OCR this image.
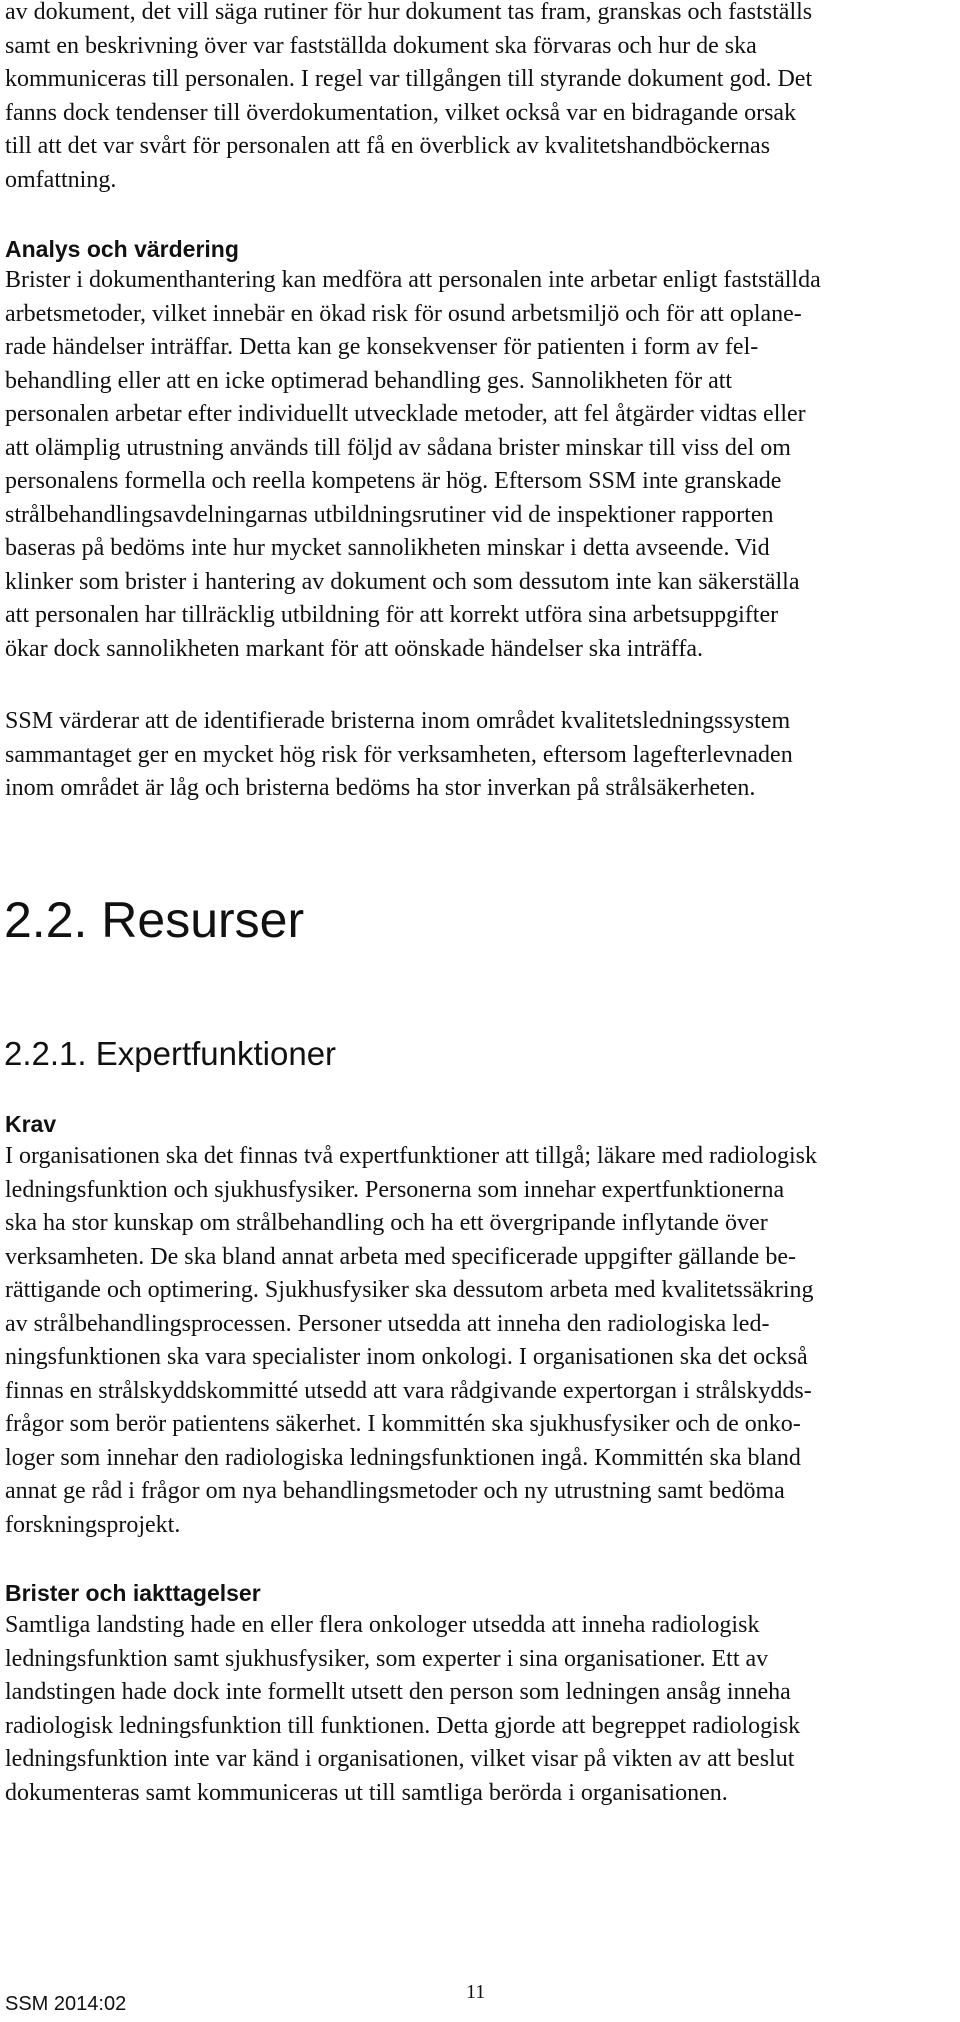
av dokument, det vill säga rutiner för hur dokument tas fram, granskas och fastställs
samt en beskrivning över var fastställda dokument ska förvaras och hur de ska
kommuniceras till personalen. I regel var tillgången till styrande dokument god. Det
fanns dock tendenser till överdokumentation, vilket också var en bidragande orsak
till att det var svårt för personalen att få en överblick av kvalitetshandböckernas
omfattning.

Analys och värdering

Brister i dokumenthantering kan medföra att personalen inte arbetar enligt fastställda
arbetsmetoder, vilket innebär en ökad risk för osund arbetsmiljö och för att oplane-
rade händelser inträffar. Detta kan ge konsekvenser för patienten i form av fel-
behandling eller att en icke optimerad behandling ges. Sannolikheten för att
personalen arbetar efter individuellt utvecklade metoder, att fel åtgärder vidtas eller
att olämplig utrustning används till följd av sådana brister minskar till viss del om
personalens formella och reella kompetens är hög. Eftersom SSM inte granskade
strålbehandlingsavdelningarnas utbildningsrutiner vid de inspektioner rapporten
baseras på bedöms inte hur mycket sannolikheten minskar i detta avseende. Vid
klinker som brister i hantering av dokument och som dessutom inte kan säkerställa
att personalen har tillräcklig utbildning för att korrekt utföra sina arbetsuppgifter
ökar dock sannolikheten markant för att oönskade händelser ska inträffa.

SSM värderar att de identifierade bristerna inom området kvalitetsledningssystem
sammantaget ger en mycket hög risk för verksamheten, eftersom lagefterlevnaden
inom området är låg och bristerna bedöms ha stor inverkan på strålsäkerheten.

2.2. Resurser
2.2.1. Expertfunktioner
Krav

I organisationen ska det finnas två expertfunktioner att tillgå; läkare med radiologisk
ledningsfunktion och sjukhusfysiker. Personerna som innehar expertfunktionerna
ska ha stor kunskap om strålbehandling och ha ett övergripande inflytande över
verksamheten. De ska bland annat arbeta med specificerade uppgifter gällande be-
rättigande och optimering. Sjukhusfysiker ska dessutom arbeta med kvalitetssäkring
av strålbehandlingsprocessen. Personer utsedda att inneha den radiologiska led-
ningsfunktionen ska vara specialister inom onkologi. I organisationen ska det också
finnas en strålskyddskommitté utsedd att vara rådgivande expertorgan i strålskydds-
frågor som berör patientens säkerhet. I kommittén ska sjukhusfysiker och de onko-
loger som innehar den radiologiska ledningsfunktionen ingå. Kommittén ska bland
annat ge råd i frågor om nya behandlingsmetoder och ny utrustning samt bedöma
forskningsprojekt.

Brister och iakttagelser

Samtliga landsting hade en eller flera onkologer utsedda att inneha radiologisk
ledningsfunktion samt sjukhusfysiker, som experter i sina organisationer. Ett av
landstingen hade dock inte formellt utsett den person som ledningen ansåg inneha
radiologisk ledningsfunktion till funktionen. Detta gjorde att begreppet radiologisk
ledningsfunktion inte var känd i organisationen, vilket visar på vikten av att beslut
dokumenteras samt kommuniceras ut till samtliga berörda i organisationen.

SSM 2014:02
11
